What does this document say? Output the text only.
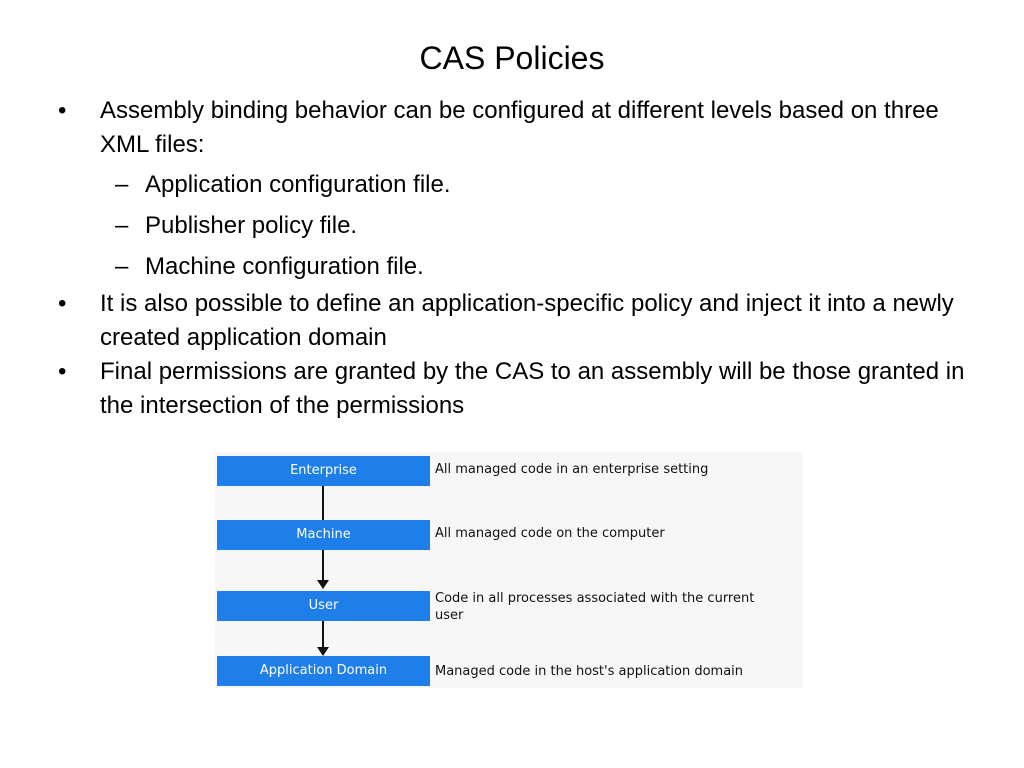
CAS Policies
• Assembly binding behavior can be configured at different levels based on three XML files:
– Application configuration file.
– Publisher policy file.
– Machine configuration file.
• It is also possible to define an application-specific policy and inject it into a newly created application domain
• Final permissions are granted by the CAS to an assembly will be those granted in the intersection of the permissions
Enterprise	All managed code in an enterprise setting
Machine	All managed code on the computer
User	Code in all processes associated with the current user
Application Domain	Managed code in the host's application domain
